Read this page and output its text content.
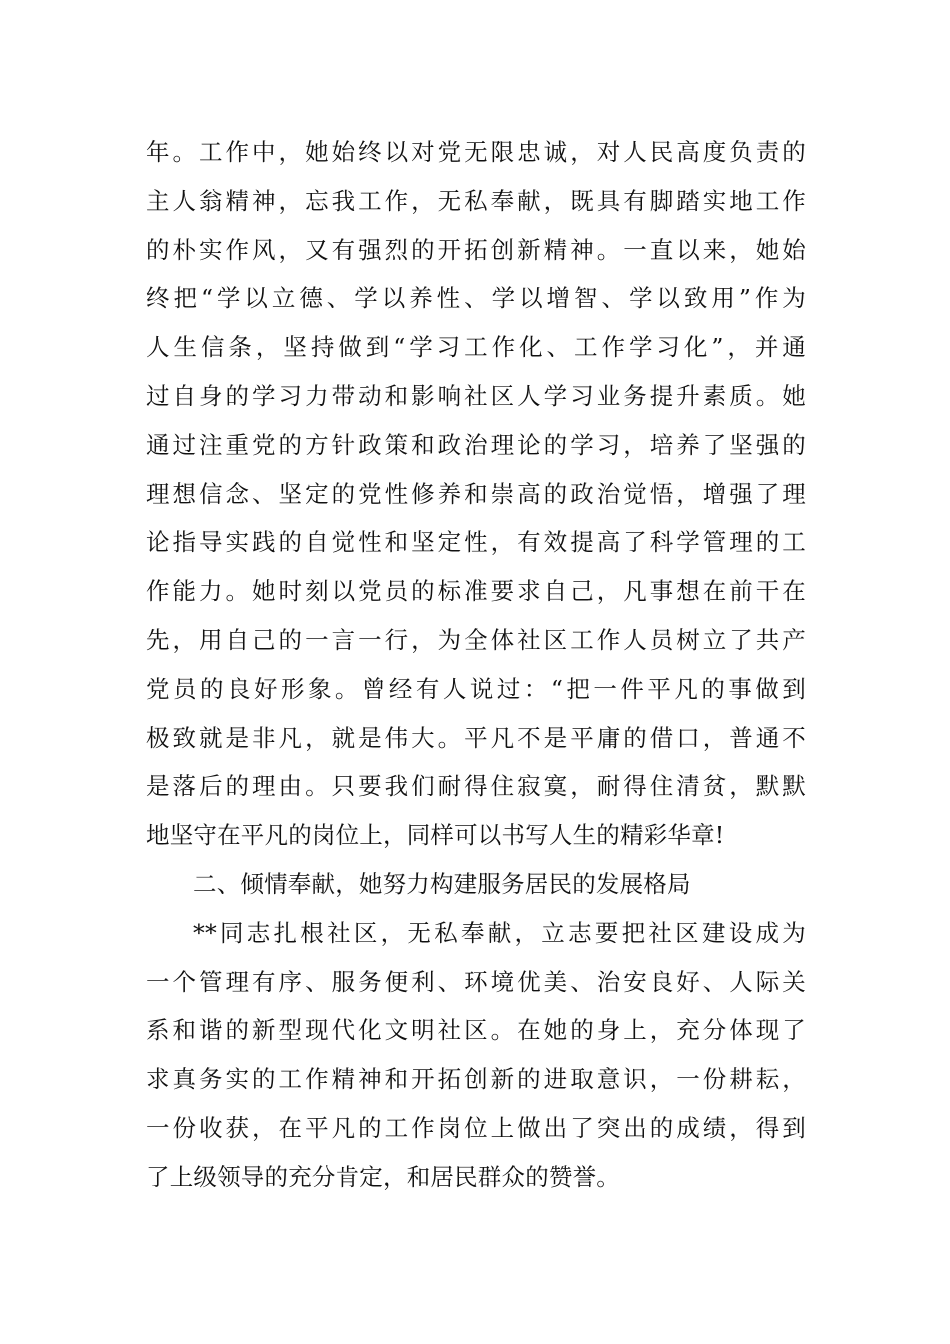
年。工作中，她始终以对党无限忠诚，对人民高度负责的
主人翁精神，忘我工作，无私奉献，既具有脚踏实地工作
的朴实作风，又有强烈的开拓创新精神。一直以来，她始
终把“学以立德、学以养性、学以增智、学以致用”作为
人生信条，坚持做到“学习工作化、工作学习化”，并通
过自身的学习力带动和影响社区人学习业务提升素质。她
通过注重党的方针政策和政治理论的学习，培养了坚强的
理想信念、坚定的党性修养和崇高的政治觉悟，增强了理
论指导实践的自觉性和坚定性，有效提高了科学管理的工
作能力。她时刻以党员的标准要求自己，凡事想在前干在
先，用自己的一言一行，为全体社区工作人员树立了共产
党员的良好形象。曾经有人说过：“把一件平凡的事做到
极致就是非凡，就是伟大。平凡不是平庸的借口，普通不
是落后的理由。只要我们耐得住寂寞，耐得住清贫，默默
地坚守在平凡的岗位上，同样可以书写人生的精彩华章!
二、倾情奉献，她努力构建服务居民的发展格局
**同志扎根社区，无私奉献，立志要把社区建设成为
一个管理有序、服务便利、环境优美、治安良好、人际关
系和谐的新型现代化文明社区。在她的身上，充分体现了
求真务实的工作精神和开拓创新的进取意识，一份耕耘，
一份收获，在平凡的工作岗位上做出了突出的成绩，得到
了上级领导的充分肯定，和居民群众的赞誉。
